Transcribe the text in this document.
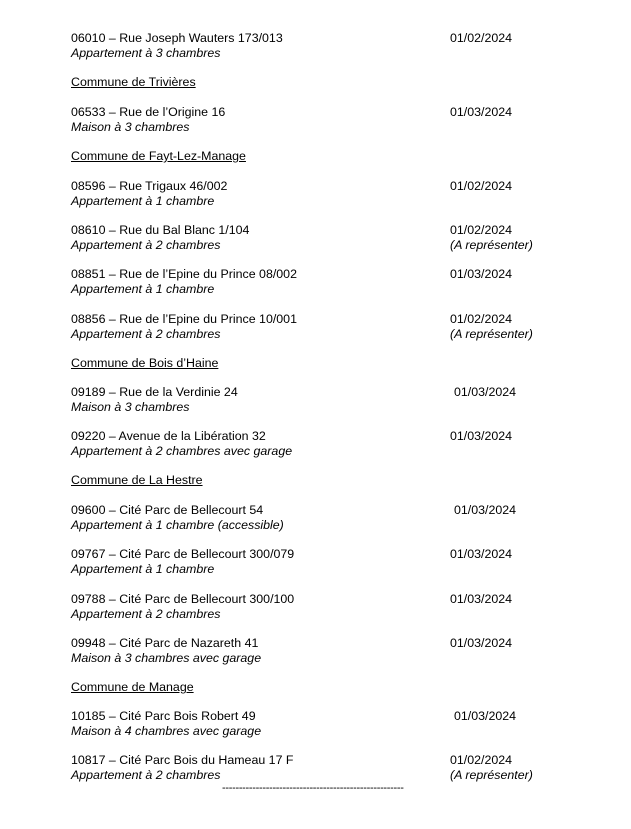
06010 – Rue Joseph Wauters 173/013
Appartement à 3 chambres
01/02/2024
Commune de Trivières
06533 – Rue de l’Origine 16
Maison à 3 chambres
01/03/2024
Commune de Fayt-Lez-Manage
08596 – Rue Trigaux 46/002
Appartement à 1 chambre
01/02/2024
08610 – Rue du Bal Blanc 1/104
Appartement à 2 chambres
01/02/2024
(A représenter)
08851 – Rue de l’Epine du Prince 08/002
Appartement à 1 chambre
01/03/2024
08856 – Rue de l’Epine du Prince 10/001
Appartement à 2 chambres
01/02/2024
(A représenter)
Commune de Bois d’Haine
09189 – Rue de la Verdinie 24
Maison à 3 chambres
01/03/2024
09220 – Avenue de la Libération 32
Appartement à 2 chambres avec garage
01/03/2024
Commune de La Hestre
09600 – Cité Parc de Bellecourt 54
Appartement à 1 chambre (accessible)
01/03/2024
09767 – Cité Parc de Bellecourt 300/079
Appartement à 1 chambre
01/03/2024
09788 – Cité Parc de Bellecourt 300/100
Appartement à 2 chambres
01/03/2024
09948 – Cité Parc de Nazareth 41
Maison à 3 chambres avec garage
01/03/2024
Commune de Manage
10185 – Cité Parc Bois Robert 49
Maison à 4 chambres avec garage
01/03/2024
10817 – Cité Parc Bois du Hameau 17 F
Appartement à 2 chambres
01/02/2024
(A représenter)
------------------------------------------------------
